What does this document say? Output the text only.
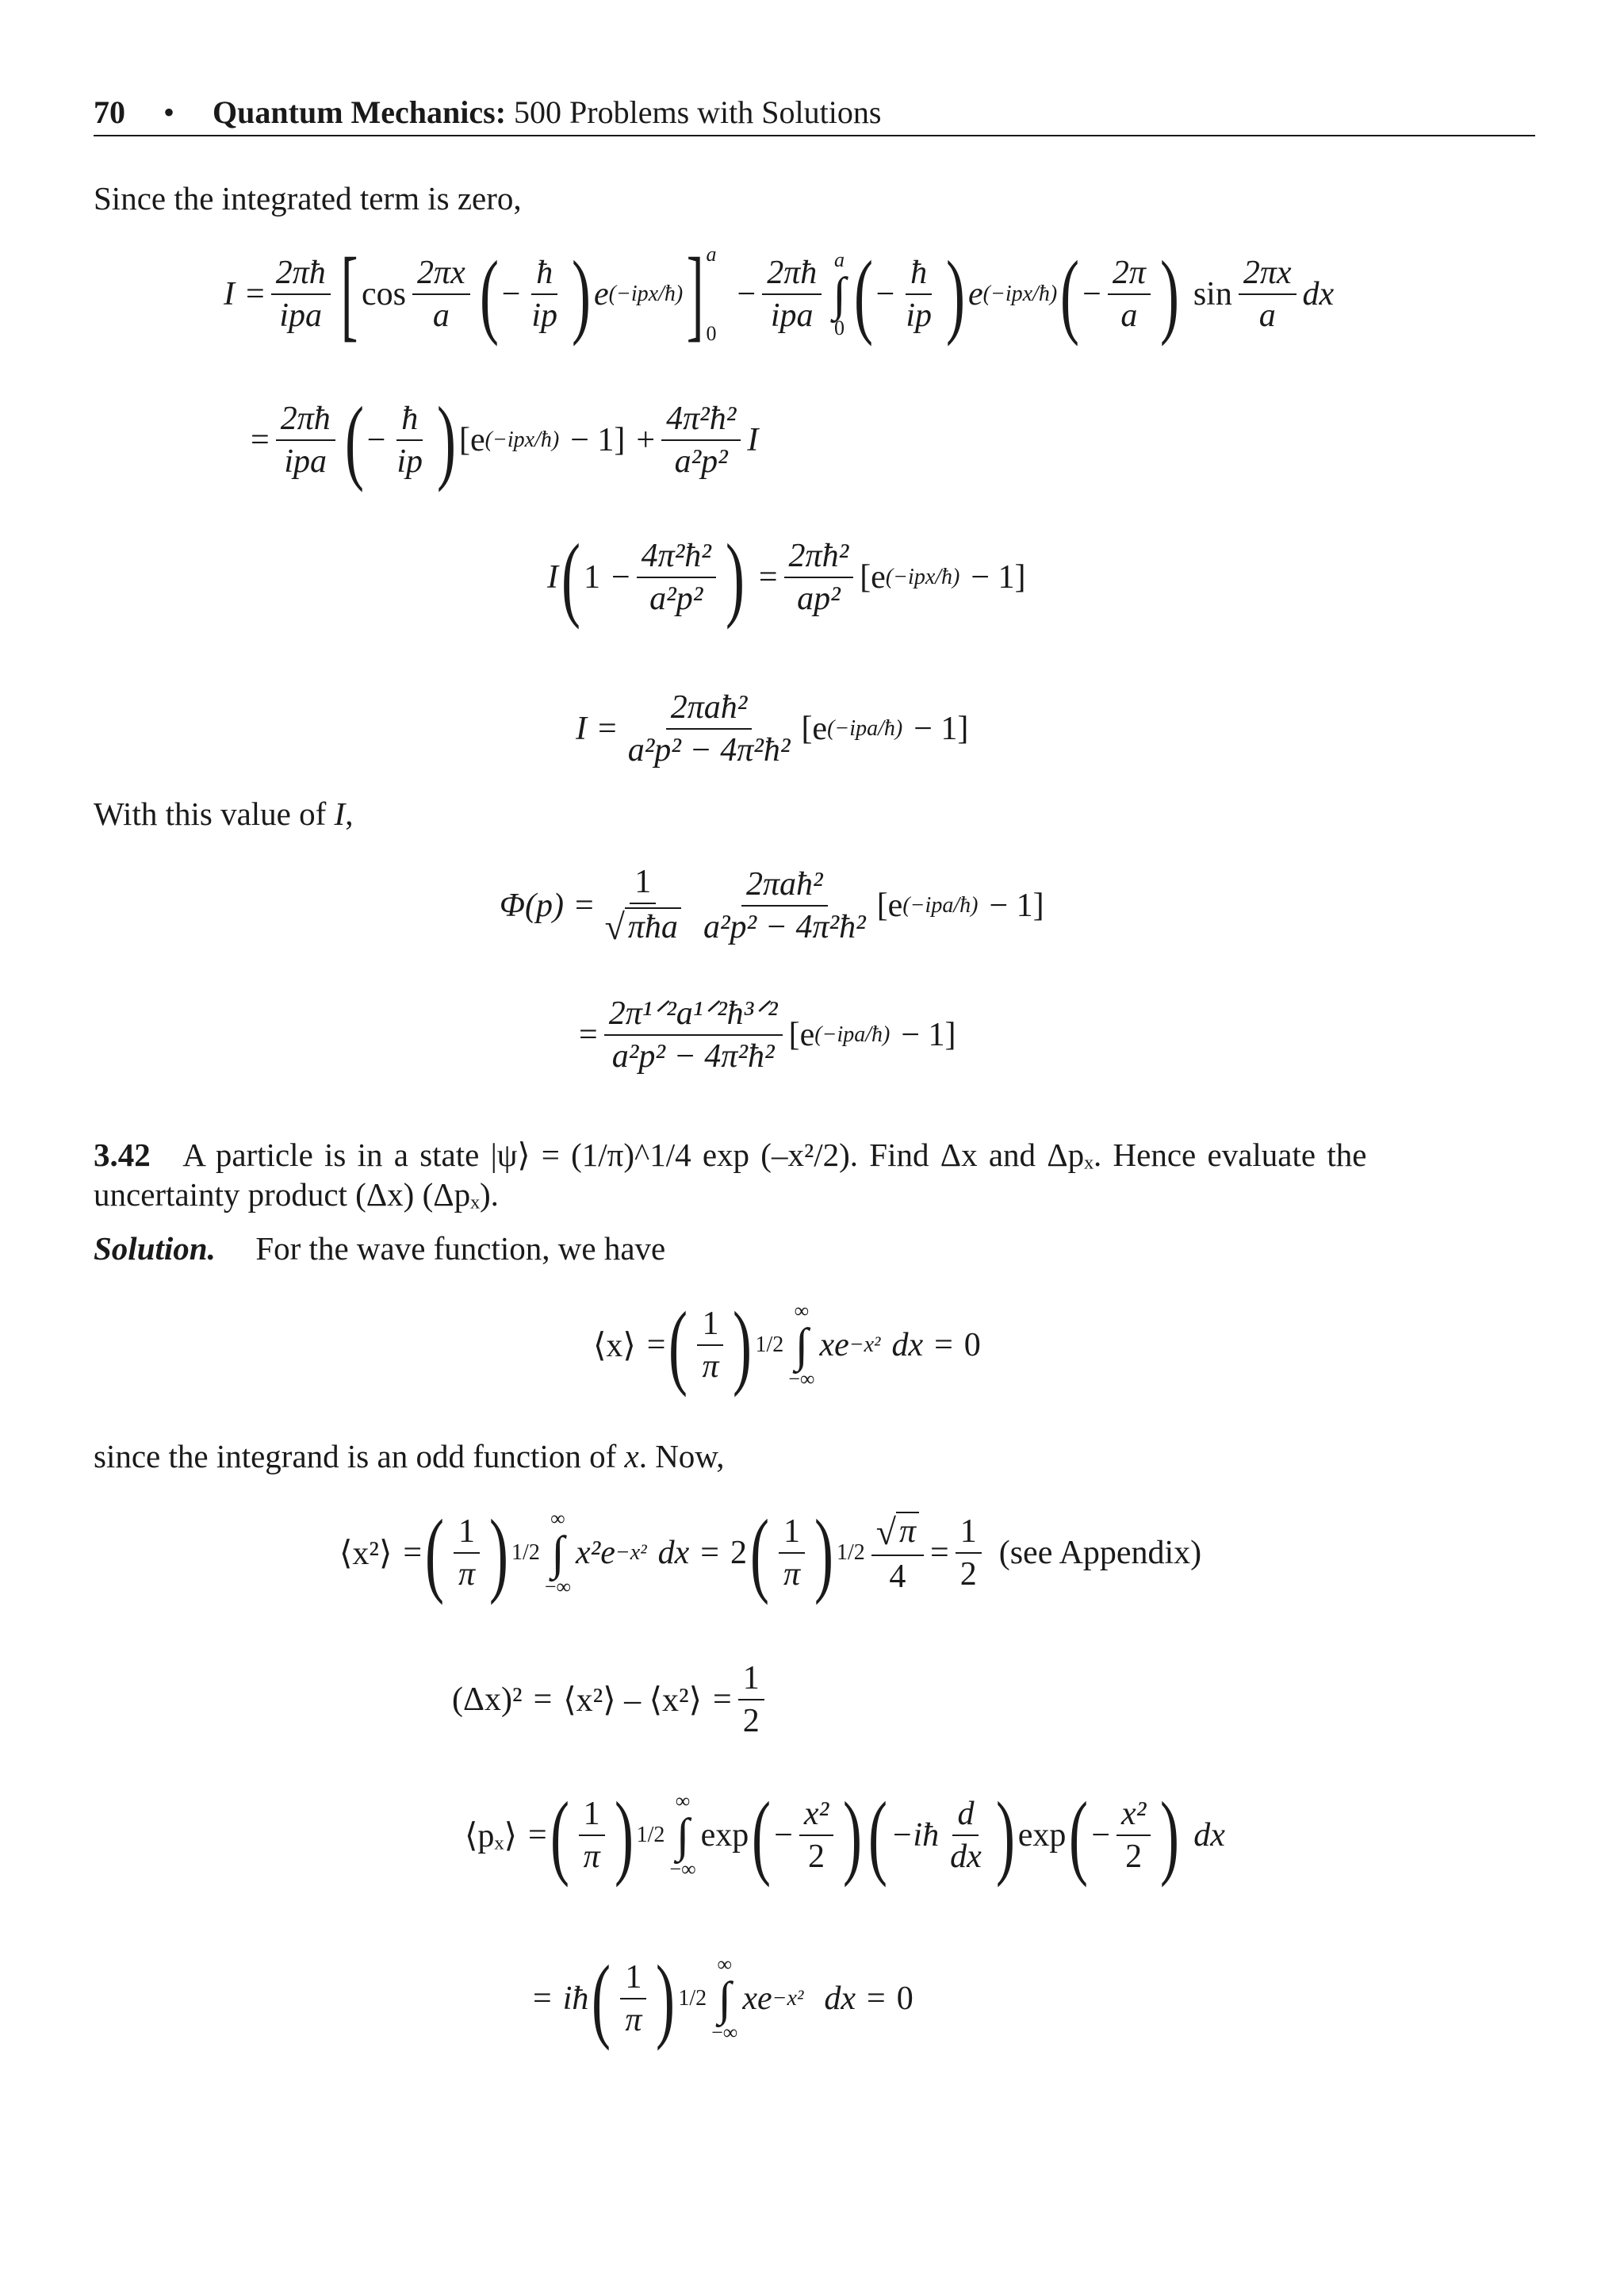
70 • Quantum Mechanics: 500 Problems with Solutions
Since the integrated term is zero,
$I = \frac{2\pi ħ}{\text{ipa}}$ [ $\cos \frac{2\pi x}{a}$ ( − $\frac{ħ}{ip}$ ) e (−ipx/ħ) ] a
0
− $\frac{2\pi ħ}{\text{ipa}}$ a
∫
0 ( − $\frac{ħ}{ip}$ ) e (−ipx/ħ) ( − $\frac{2\pi}{a}$ ) $\sin \frac{2\pi x}{a}$ dx
= $\frac{2\pi ħ}{\text{ipa}}$ ( − $\frac{ħ}{ip}$ ) [e (−ipx/ħ) − $1] + \frac{\text{4π²ħ²}}{\text{a²p²}}$ I
I ( $1 - \frac{\text{4π²ħ²}}{\text{a²p²}}$ ) = $\frac{\text{2πħ²}}{\text{ap²}} [e$ (−ipx/ħ) − 1]
$I = \frac{\text{2πaħ²}}{\text{a²p² − 4π²ħ²}} [e$ (−ipa/ħ) − 1]
With this value of I,
$\Phi(p) = \frac{1}{\text{√ πħa}} \frac{\text{2πaħ²}}{\text{a²p² − 4π²ħ²}} [e$ (−ipa/ħ) − 1]
= $\frac{\text{2π¹ᐟ²a¹ᐟ²ħ³ᐟ²}}{\text{a²p² − 4π²ħ²}} [e$ (−ipa/ħ) − 1]
3.42 A particle is in a state |ψ⟩ = (1/π)^1/4 exp (–x²/2). Find Δx and Δpₓ. Hence evaluate the
uncertainty product (Δx) (Δpₓ).
Solution. For the wave function, we have
⟨x⟩ = ( $\frac{1}{\pi}$ ) 1/2
∞
∫
−∞
xe −x² dx = 0
since the integrand is an odd function of x. Now,
⟨x²⟩ = ( $\frac{1}{\pi}$ ) 1/2
∞
∫
−∞
x²e −x² dx = 2 ( $\frac{1}{\pi}$ ) $1/2 \frac{√ \pi}{4} = \frac{1}{2} (see$ Appendix)
(Δx)² = ⟨x²⟩ – ⟨x²⟩ = $\frac{1}{2}$
⟨pₓ⟩ = ( $\frac{1}{\pi}$ ) 1/2
∞
∫
−∞
exp ( − $\frac{\text{x²}}{2}$ ) ( −iħ $\frac{d}{dx}$ ) exp ( − $\frac{\text{x²}}{2}$ ) dx
= iħ ( $\frac{1}{\pi}$ ) 1/2
∞
∫
−∞
xe −x² dx = 0
